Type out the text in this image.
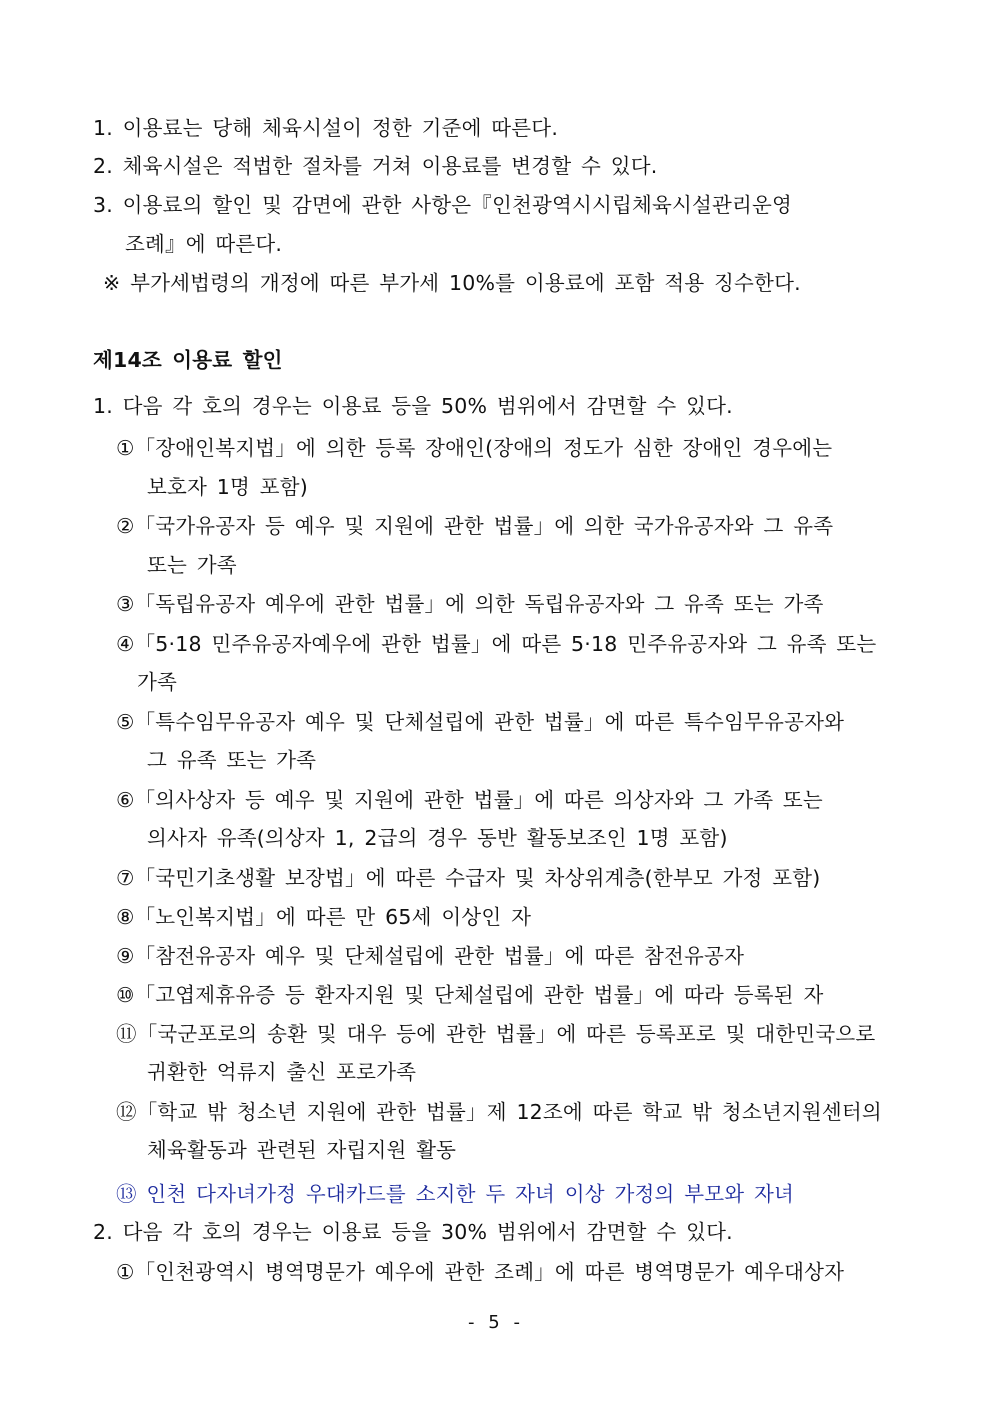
1. 이용료는 당해 체육시설이 정한 기준에 따른다.
2. 체육시설은 적법한 절차를 거쳐 이용료를 변경할 수 있다.
3. 이용료의 할인 및 감면에 관한 사항은『인천광역시시립체육시설관리운영
조례』에 따른다.
※ 부가세법령의 개정에 따른 부가세 10%를 이용료에 포함 적용 징수한다.
제14조 이용료 할인
1. 다음 각 호의 경우는 이용료 등을 50% 범위에서 감면할 수 있다.
①「장애인복지법」에 의한 등록 장애인(장애의 정도가 심한 장애인 경우에는
보호자 1명 포함)
②「국가유공자 등 예우 및 지원에 관한 법률」에 의한 국가유공자와 그 유족
또는 가족
③「독립유공자 예우에 관한 법률」에 의한 독립유공자와 그 유족 또는 가족
④「5·18 민주유공자예우에 관한 법률」에 따른 5·18 민주유공자와 그 유족 또는
가족
⑤「특수임무유공자 예우 및 단체설립에 관한 법률」에 따른 특수임무유공자와
그 유족 또는 가족
⑥「의사상자 등 예우 및 지원에 관한 법률」에 따른 의상자와 그 가족 또는
의사자 유족(의상자 1, 2급의 경우 동반 활동보조인 1명 포함)
⑦「국민기초생활 보장법」에 따른 수급자 및 차상위계층(한부모 가정 포함)
⑧「노인복지법」에 따른 만 65세 이상인 자
⑨「참전유공자 예우 및 단체설립에 관한 법률」에 따른 참전유공자
⑩「고엽제휴유증 등 환자지원 및 단체설립에 관한 법률」에 따라 등록된 자
⑪「국군포로의 송환 및 대우 등에 관한 법률」에 따른 등록포로 및 대한민국으로
귀환한 억류지 출신 포로가족
⑫「학교 밖 청소년 지원에 관한 법률」제 12조에 따른 학교 밖 청소년지원센터의
체육활동과 관련된 자립지원 활동
⑬ 인천 다자녀가정 우대카드를 소지한 두 자녀 이상 가정의 부모와 자녀
2. 다음 각 호의 경우는 이용료 등을 30% 범위에서 감면할 수 있다.
①「인천광역시 병역명문가 예우에 관한 조례」에 따른 병역명문가 예우대상자
- 5 -
